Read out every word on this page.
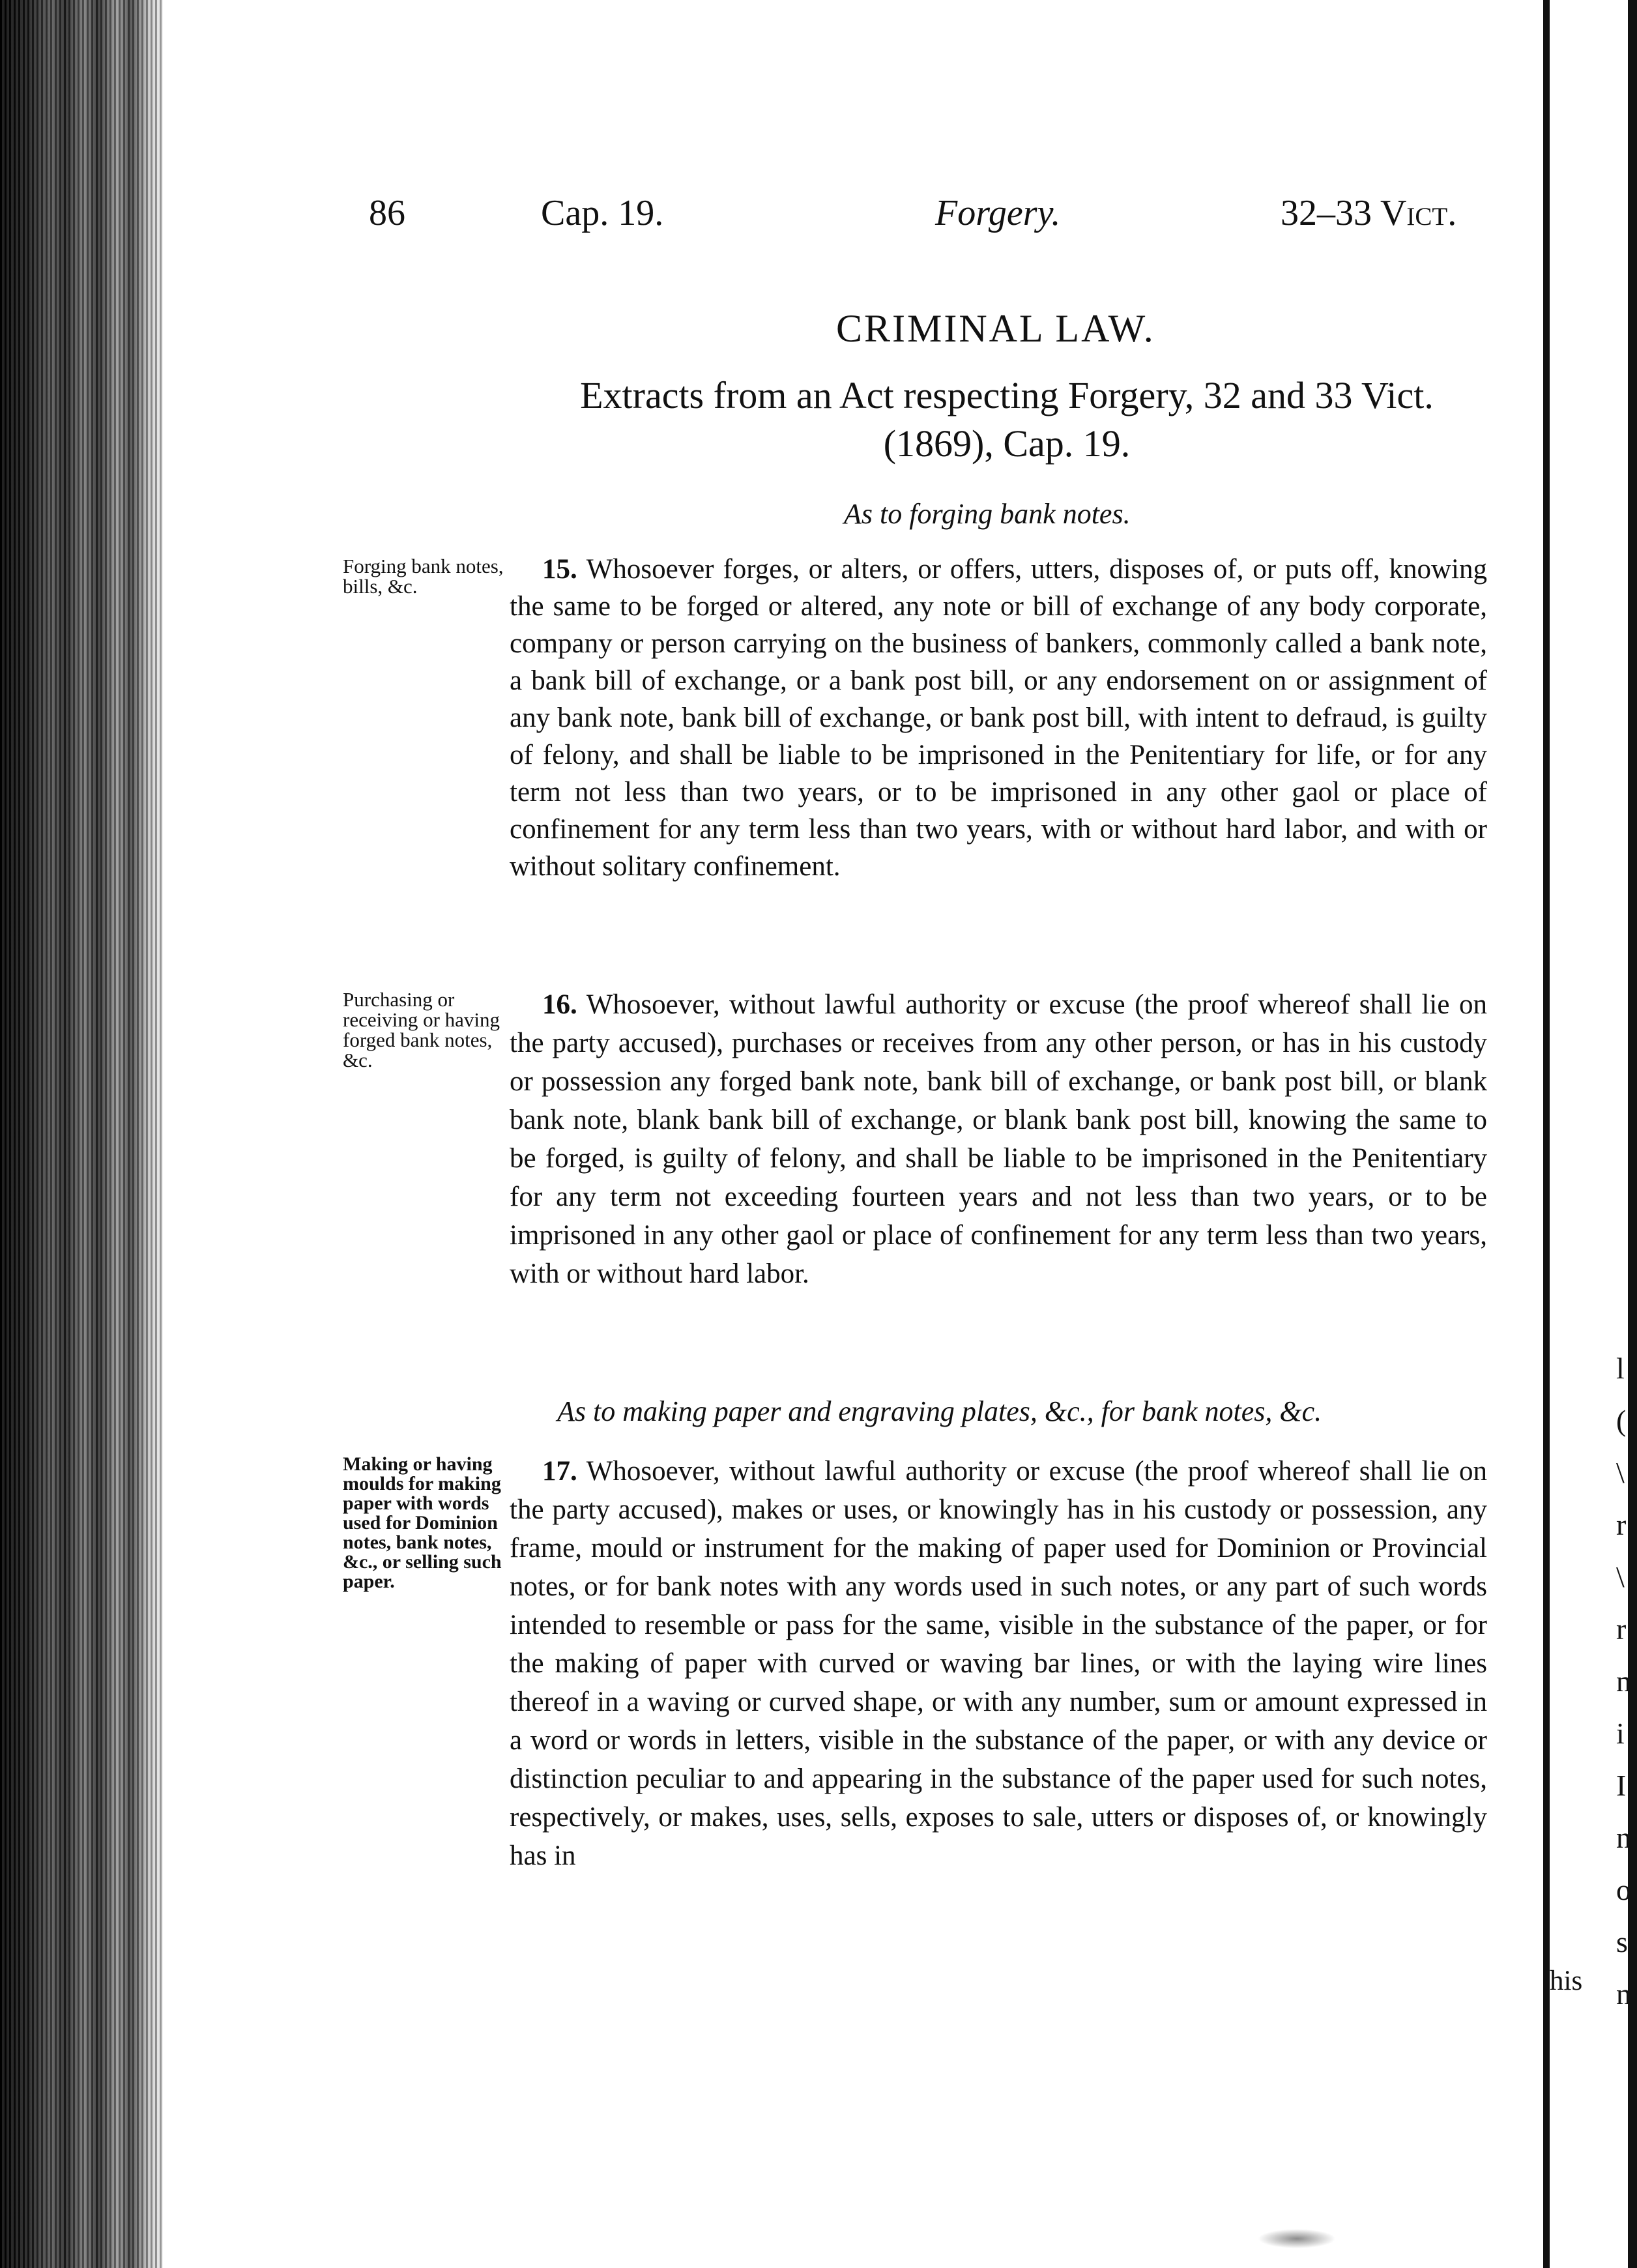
l
(
\
r
\
r
n
i
I
n
o
s
n
86	Cap. 19.	Forgery.	32–33 Vict.
CRIMINAL LAW.
Extracts from an Act respecting Forgery, 32 and 33 Vict. (1869), Cap. 19.
As to forging bank notes.
Forging bank notes, bills, &c.
15. Whosoever forges, or alters, or offers, utters, disposes of, or puts off, knowing the same to be forged or altered, any note or bill of exchange of any body corporate, company or person carrying on the business of bankers, commonly called a bank note, a bank bill of exchange, or a bank post bill, or any endorsement on or assignment of any bank note, bank bill of exchange, or bank post bill, with intent to defraud, is guilty of felony, and shall be liable to be imprisoned in the Penitentiary for life, or for any term not less than two years, or to be imprisoned in any other gaol or place of confinement for any term less than two years, with or without hard labor, and with or without solitary confinement.
Purchasing or receiving or having forged bank notes, &c.
16. Whosoever, without lawful authority or excuse (the proof whereof shall lie on the party accused), purchases or receives from any other person, or has in his custody or possession any forged bank note, bank bill of exchange, or bank post bill, or blank bank note, blank bank bill of exchange, or blank bank post bill, knowing the same to be forged, is guilty of felony, and shall be liable to be imprisoned in the Penitentiary for any term not exceeding fourteen years and not less than two years, or to be imprisoned in any other gaol or place of confinement for any term less than two years, with or without hard labor.
As to making paper and engraving plates, &c., for bank notes, &c.
Making or having moulds for making paper with words used for Dominion notes, bank notes, &c., or selling such paper.
17. Whosoever, without lawful authority or excuse (the proof whereof shall lie on the party accused), makes or uses, or knowingly has in his custody or possession, any frame, mould or instrument for the making of paper used for Dominion or Provincial notes, or for bank notes with any words used in such notes, or any part of such words intended to resemble or pass for the same, visible in the substance of the paper, or for the making of paper with curved or waving bar lines, or with the laying wire lines thereof in a waving or curved shape, or with any number, sum or amount expressed in a word or words in letters, visible in the substance of the paper, or with any device or distinction peculiar to and appearing in the substance of the paper used for such notes, respectively, or makes, uses, sells, exposes to sale, utters or disposes of, or knowingly has in
his
